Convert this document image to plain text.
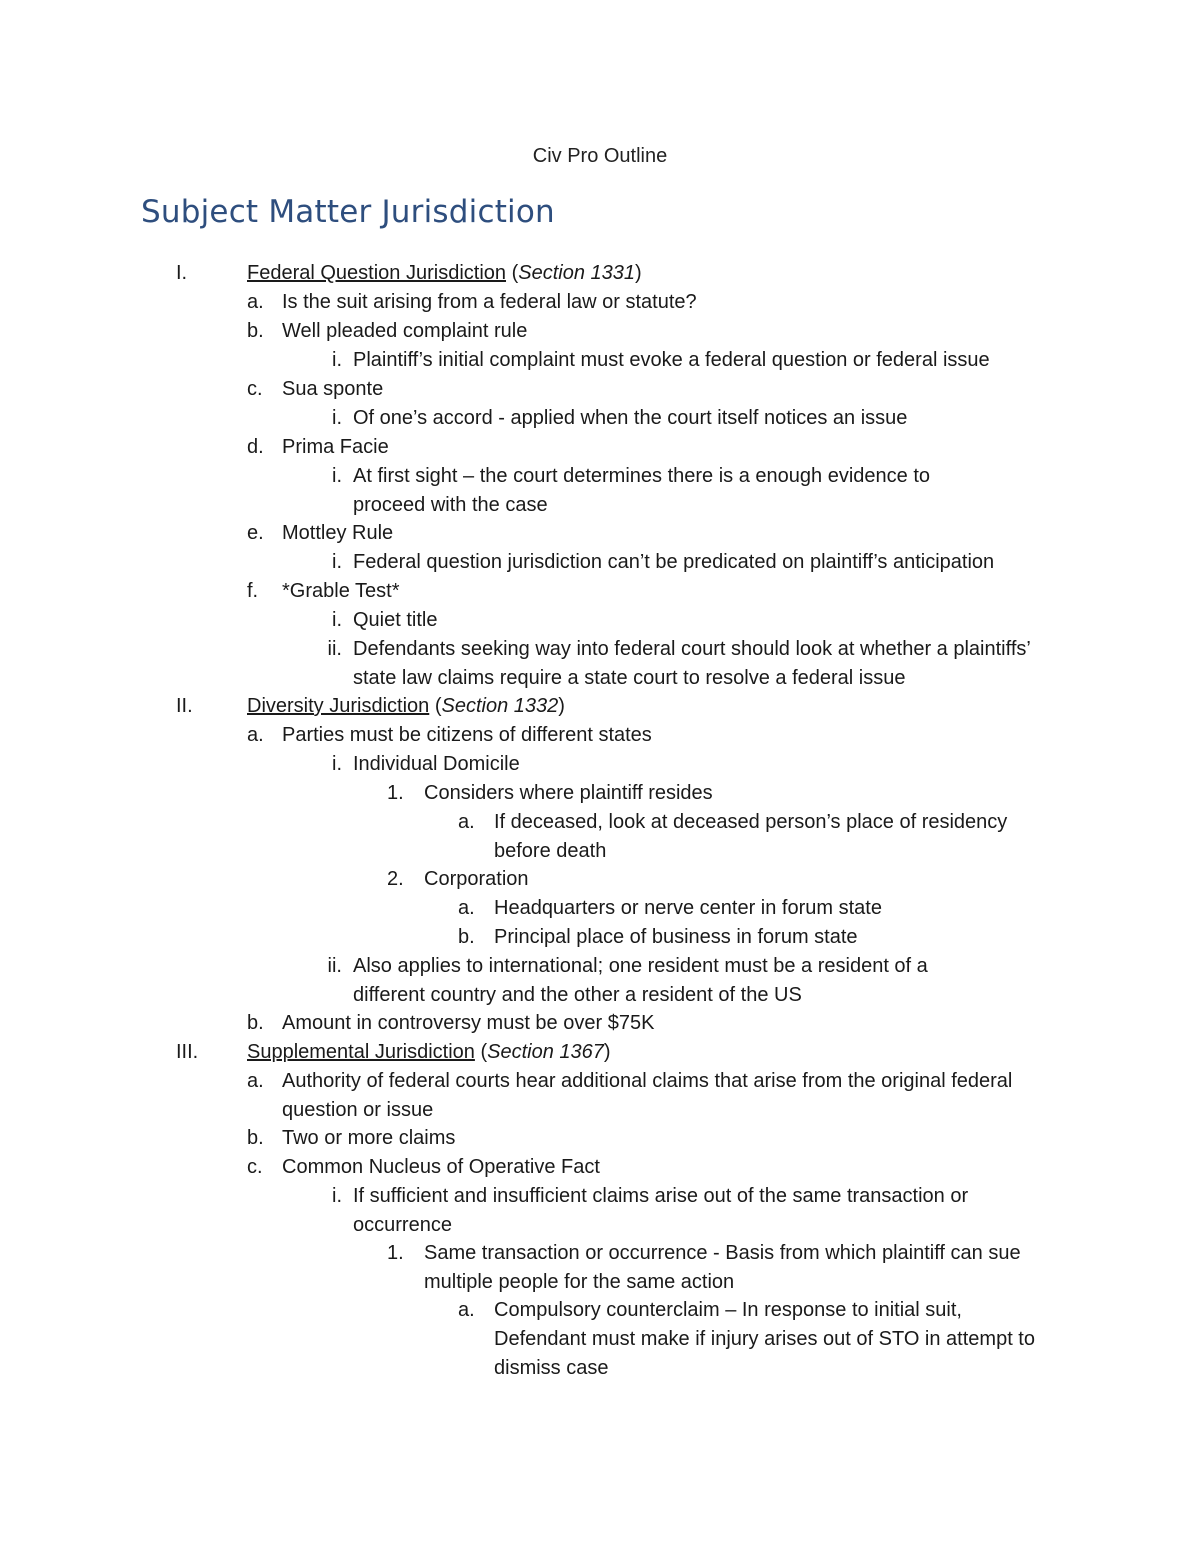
Civ Pro Outline
Subject Matter Jurisdiction
I.	Federal Question Jurisdiction (Section 1331)
a. Is the suit arising from a federal law or statute?
b. Well pleaded complaint rule
i. Plaintiff’s initial complaint must evoke a federal question or federal issue
c. Sua sponte
i. Of one’s accord - applied when the court itself notices an issue
d. Prima Facie
i. At first sight – the court determines there is a enough evidence to proceed with the case
e. Mottley Rule
i. Federal question jurisdiction can’t be predicated on plaintiff’s anticipation
f. *Grable Test*
i. Quiet title
ii. Defendants seeking way into federal court should look at whether a plaintiffs’ state law claims require a state court to resolve a federal issue
II.	Diversity Jurisdiction (Section 1332)
a. Parties must be citizens of different states
i. Individual Domicile
1. Considers where plaintiff resides
a. If deceased, look at deceased person’s place of residency before death
2. Corporation
a. Headquarters or nerve center in forum state
b. Principal place of business in forum state
ii. Also applies to international; one resident must be a resident of a different country and the other a resident of the US
b. Amount in controversy must be over $75K
III. Supplemental Jurisdiction (Section 1367)
a. Authority of federal courts hear additional claims that arise from the original federal question or issue
b. Two or more claims
c. Common Nucleus of Operative Fact
i. If sufficient and insufficient claims arise out of the same transaction or occurrence
1. Same transaction or occurrence - Basis from which plaintiff can sue multiple people for the same action
a. Compulsory counterclaim – In response to initial suit, Defendant must make if injury arises out of STO in attempt to dismiss case
